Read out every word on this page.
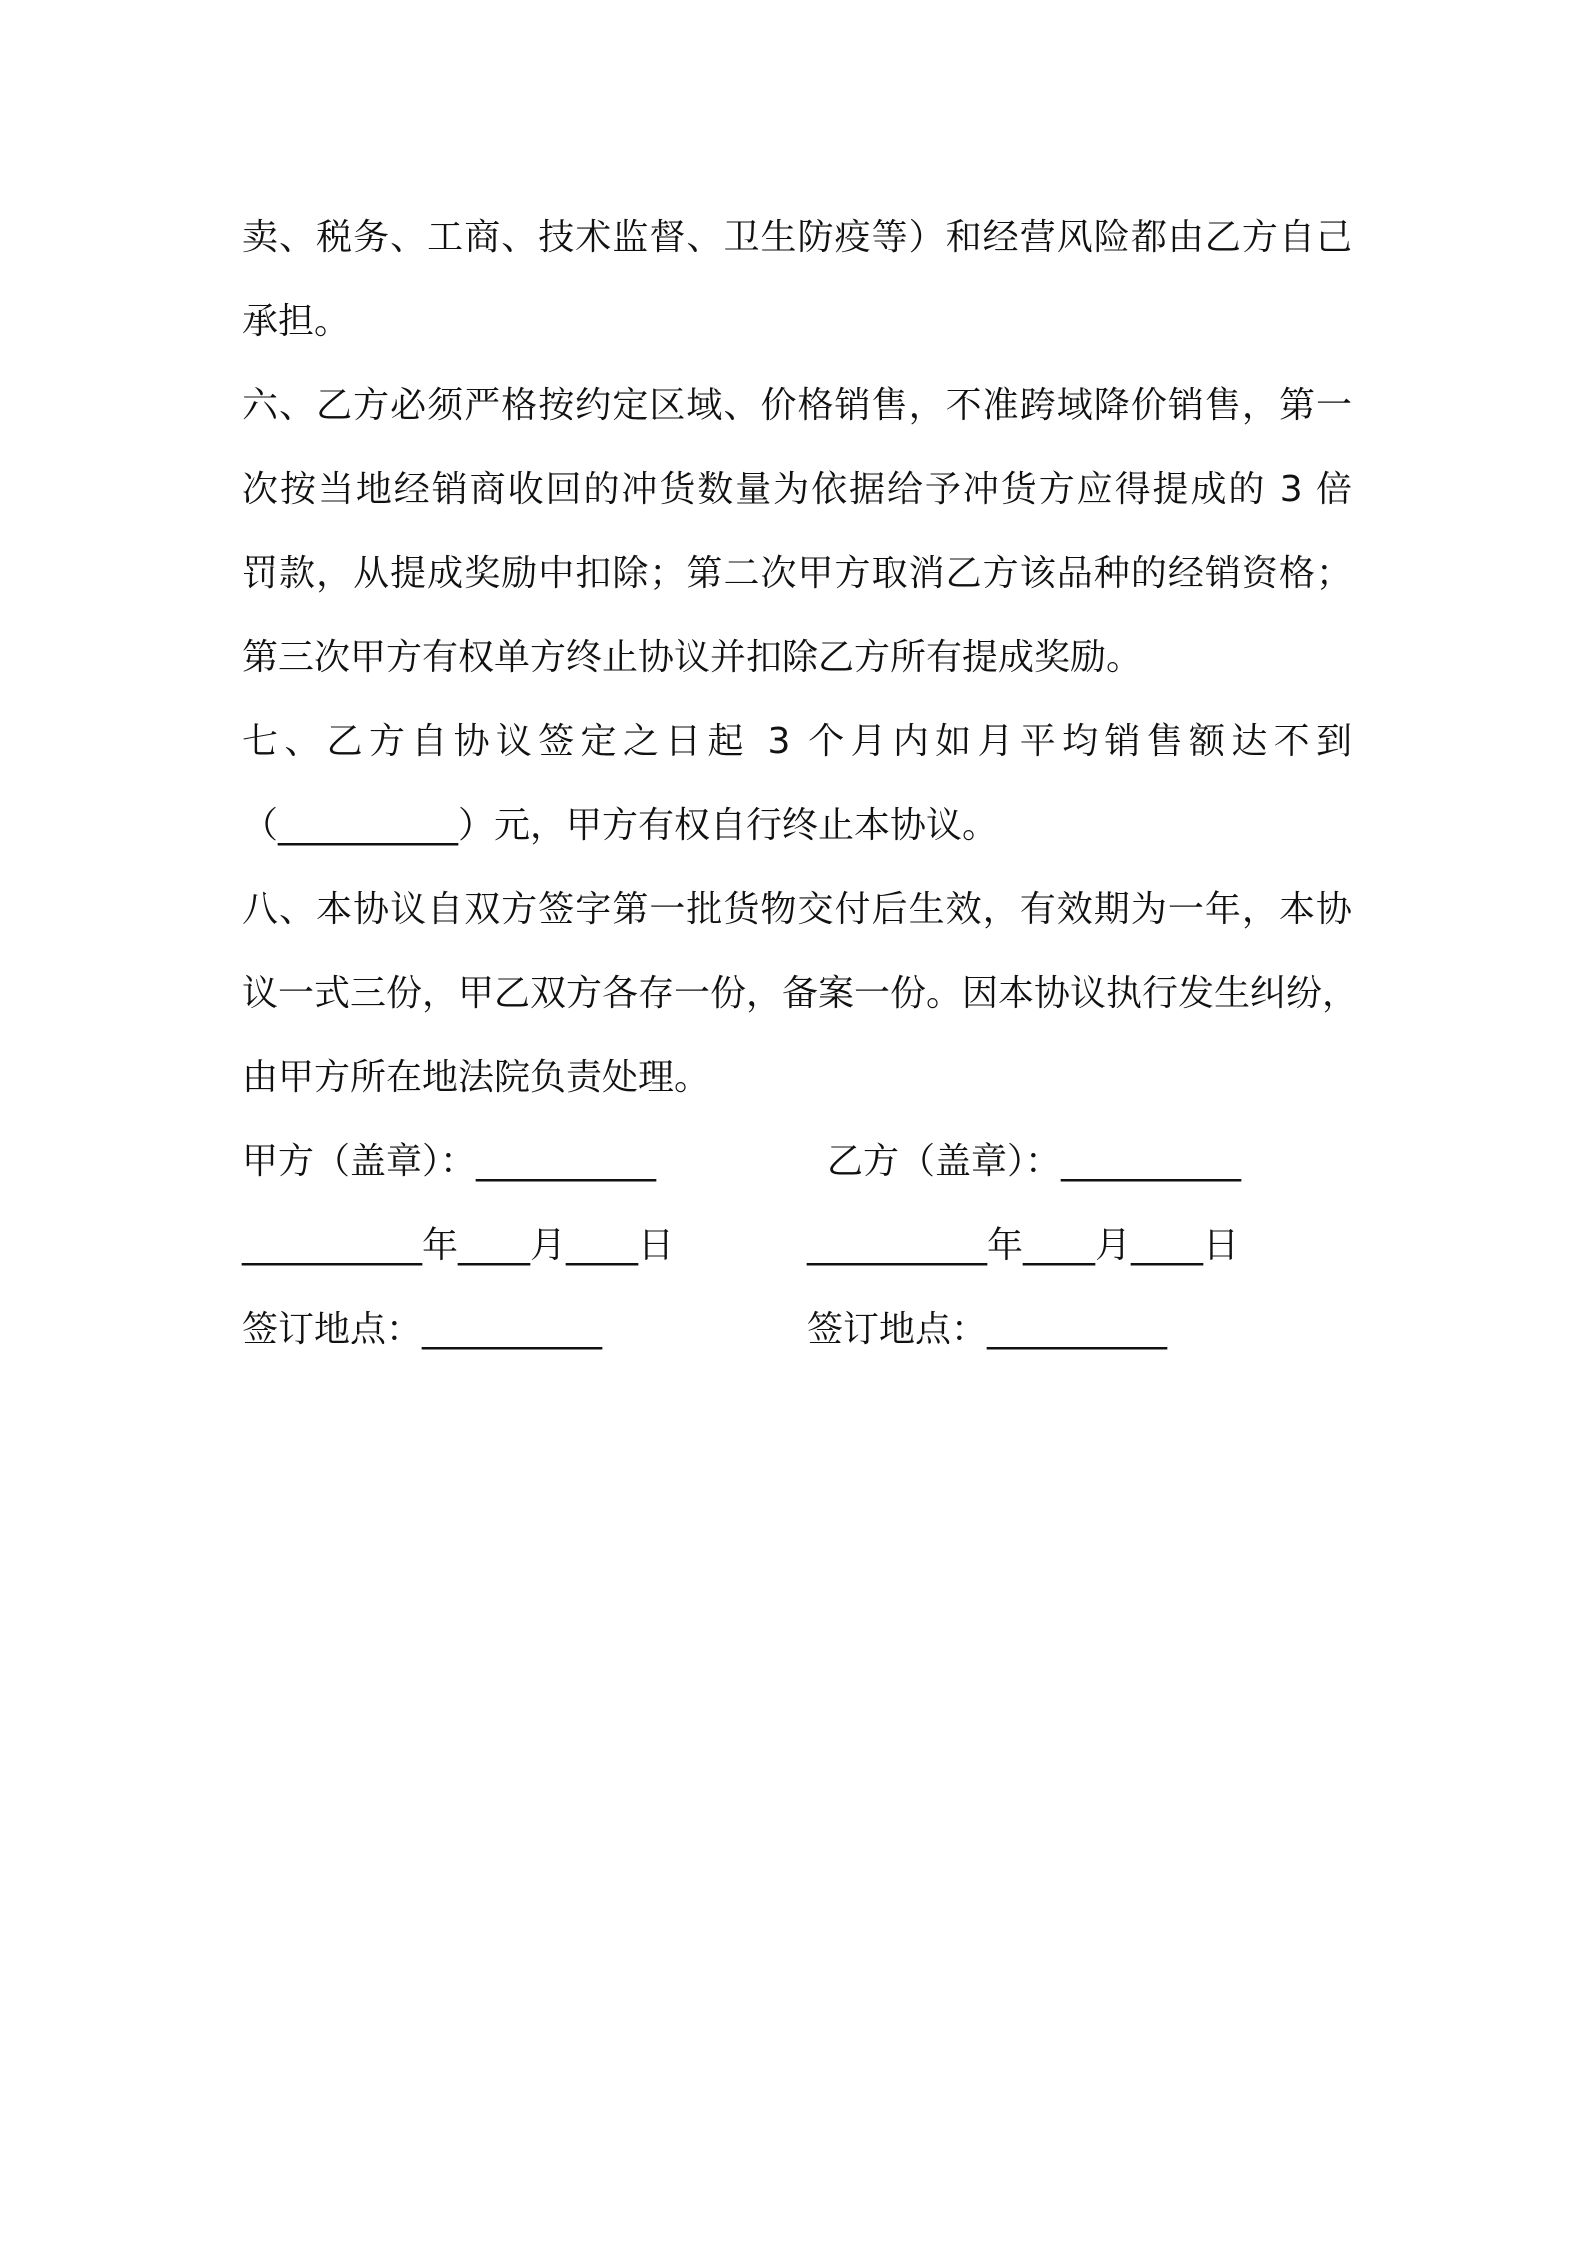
卖、税务、工商、技术监督、卫生防疫等）和经营风险都由乙方自己
承担。
六、乙方必须严格按约定区域、价格销售，不准跨域降价销售，第一
次按当地经销商收回的冲货数量为依据给予冲货方应得提成的 3 倍
罚款，从提成奖励中扣除；第二次甲方取消乙方该品种的经销资格；
第三次甲方有权单方终止协议并扣除乙方所有提成奖励。
七、乙方自协议签定之日起 3 个月内如月平均销售额达不到
（__________）元，甲方有权自行终止本协议。
八、本协议自双方签字第一批货物交付后生效，有效期为一年，本协
议一式三份，甲乙双方各存一份，备案一份。因本协议执行发生纠纷，
由甲方所在地法院负责处理。
甲方（盖章）：__________	乙方（盖章）：__________
__________年____月____日	__________年____月____日
签订地点：__________	签订地点：__________
